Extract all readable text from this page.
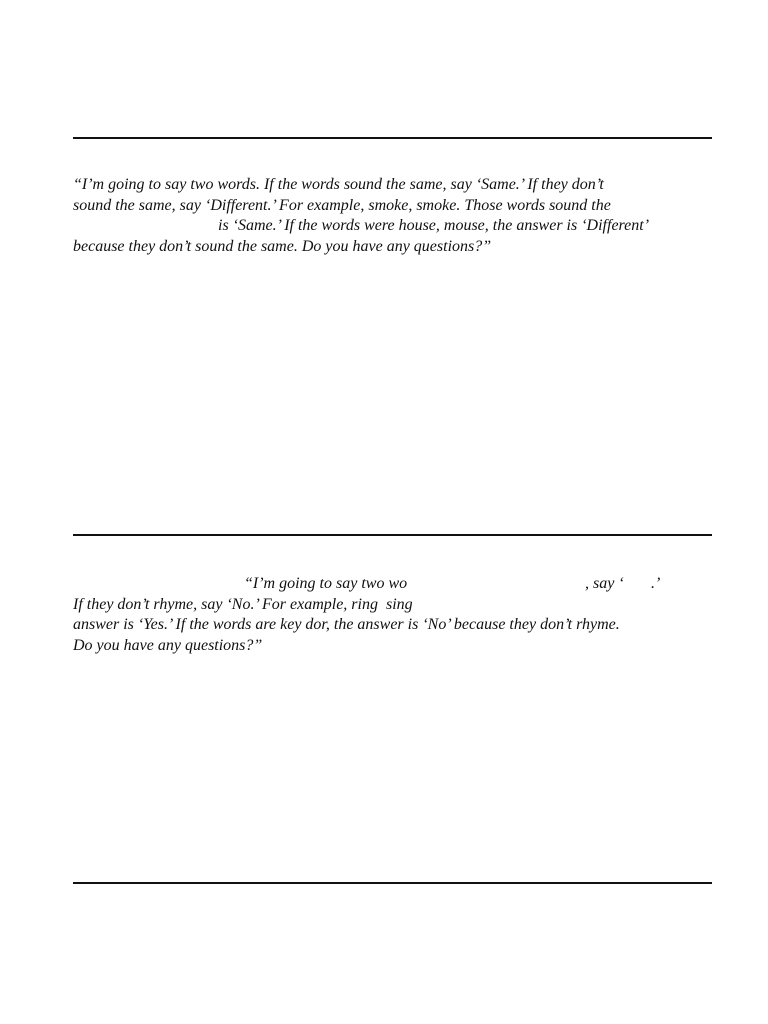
“I’m going to say two words. If the words sound the same, say ‘Same.’ If they don’t
sound the same, say ‘Different.’ For example, smoke, smoke. Those words sound the
is ‘Same.’ If the words were house, mouse, the answer is ‘Different’
because they don’t sound the same. Do you have any questions?”
“I’m going to say two wo	, say ‘ .’
If they don’t rhyme, say ‘No.’ For example, ring  sing
answer is ‘Yes.’ If the words are key dor, the answer is ‘No’ because they don’t rhyme.
Do you have any questions?”
